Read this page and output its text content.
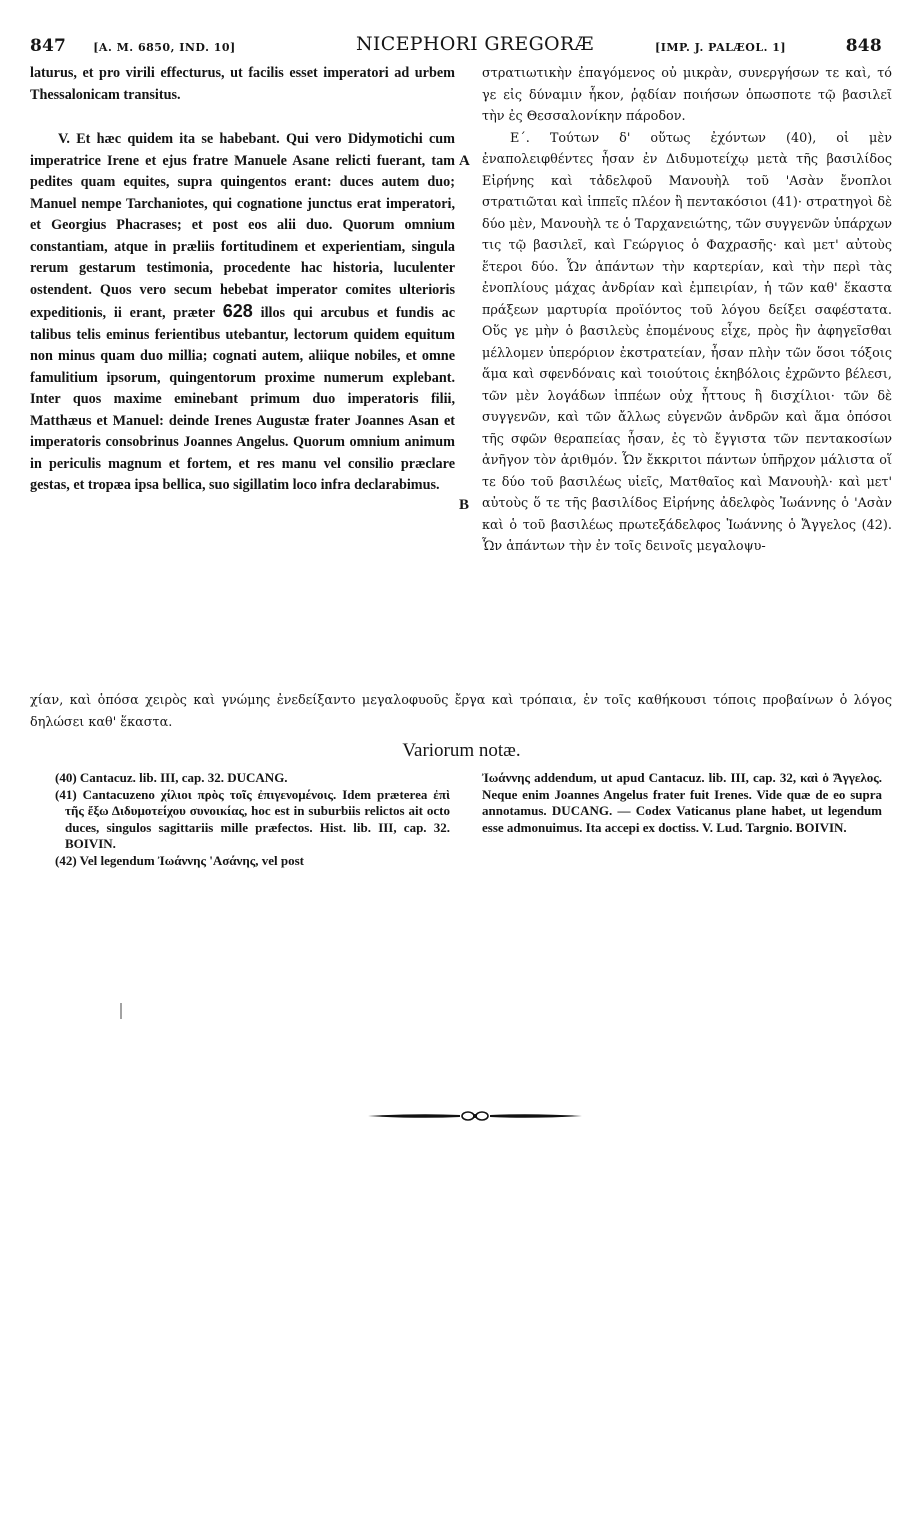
847 [A. M. 6850, IND. 10]	NICEPHORI GREGORÆ	[IMP. J. PALÆOL. 1]	848

laturus, et pro virili effecturus, ut facilis esset imperatori ad urbem Thessalonicam transitus.

V. Et hæc quidem ita se habebant. Qui vero Didymotichi cum imperatrice Irene et ejus fratre Manuele Asane relicti fuerant, tam pedites quam equites, supra quingentos erant: duces autem duo; Manuel nempe Tarchaniotes, qui cognatione junctus erat imperatori, et Georgius Phacrases; et post eos alii duo. Quorum omnium constantiam, atque in præliis fortitudinem et experientiam, singula rerum gestarum testimonia, procedente hac historia, luculenter ostendent. Quos vero secum hebebat imperator comites ulterioris expeditionis, ii erant, præter 628 illos qui arcubus et fundis ac talibus telis eminus ferientibus utebantur, lectorum quidem equitum non minus quam duo millia; cognati autem, aliique nobiles, et omne famulitium ipsorum, quingentorum proxime numerum explebant. Inter quos maxime eminebant primum duo imperatoris filii, Matthæus et Manuel: deinde Irenes Augustæ frater Joannes Asan et imperatoris consobrinus Joannes Angelus. Quorum omnium animum in periculis magnum et fortem, et res manu vel consilio præclare gestas, et tropæa ipsa bellica, suo sigillatim loco infra declarabimus.

A
B

στρατιωτικὴν ἐπαγόμενος οὐ μικρὰν, συνεργήσων τε καὶ, τό γε εἰς δύναμιν ἧκον, ῥᾳδίαν ποιήσων ὁπωσποτε τῷ βασιλεῖ τὴν ἐς Θεσσαλονίκην πάροδον.

Ε΄. Τούτων δ' οὕτως ἐχόντων (40), οἱ μὲν ἐναπολειφθέντες ἦσαν ἐν Διδυμοτείχῳ μετὰ τῆς βασιλίδος Εἰρήνης καὶ τἀδελφοῦ Μανουὴλ τοῦ 'Ασὰν ἔνοπλοι στρατιῶται καὶ ἱππεῖς πλέον ἢ πεντακόσιοι (41)· στρατηγοὶ δὲ δύο μὲν, Μανουὴλ τε ὁ Ταρχανειώτης, τῶν συγγενῶν ὑπάρχων τις τῷ βασιλεῖ, καὶ Γεώργιος ὁ Φαχρασῆς· καὶ μετ' αὐτοὺς ἕτεροι δύο. Ὧν ἁπάντων τὴν καρτερίαν, καὶ τὴν περὶ τὰς ἐνοπλίους μάχας ἀνδρίαν καὶ ἐμπειρίαν, ἡ τῶν καθ' ἕκαστα πράξεων μαρτυρία προϊόντος τοῦ λόγου δείξει σαφέστατα. Οὕς γε μὴν ὁ βασιλεὺς ἐπομένους εἶχε, πρὸς ἣν ἀφηγεῖσθαι μέλλομεν ὑπερόριον ἐκστρατείαν, ἦσαν πλὴν τῶν ὅσοι τόξοις ἅμα καὶ σφενδόναις καὶ τοιούτοις ἑκηβόλοις ἐχρῶντο βέλεσι, τῶν μὲν λογάδων ἱππέων οὐχ ἧττους ἢ δισχίλιοι· τῶν δὲ συγγενῶν, καὶ τῶν ἄλλως εὐγενῶν ἀνδρῶν καὶ ἅμα ὁπόσοι τῆς σφῶν θεραπείας ἦσαν, ἐς τὸ ἔγγιστα τῶν πεντακοσίων ἀνῆγον τὸν ἀριθμόν. Ὧν ἔκκριτοι πάντων ὑπῆρχον μάλιστα οἵ τε δύο τοῦ βασιλέως υἱεῖς, Ματθαῖος καὶ Μανουὴλ· καὶ μετ' αὐτοὺς ὅ τε τῆς βασιλίδος Εἰρήνης ἀδελφὸς Ἰωάννης ὁ 'Ασὰν καὶ ὁ τοῦ βασιλέως πρωτεξάδελφος Ἰωάννης ὁ Ἄγγελος (42). Ὧν ἁπάντων τὴν ἐν τοῖς δεινοῖς μεγαλοψυ-

χίαν, καὶ ὁπόσα χειρὸς καὶ γνώμης ἐνεδείξαντο μεγαλοφυοῦς ἔργα καὶ τρόπαια, ἐν τοῖς καθήκουσι τόποις προβαίνων ὁ λόγος δηλώσει καθ' ἕκαστα.
Variorum notæ.

(40) Cantacuz. lib. III, cap. 32. DUCANG.

(41) Cantacuzeno χίλιοι πρὸς τοῖς ἐπιγενομένοις. Idem præterea ἐπὶ τῆς ἔξω Διδυμοτείχου συνοικίας, hoc est in suburbiis relictos ait octo duces, singulos sagittariis mille præfectos. Hist. lib. III, cap. 32. BOIVIN.

(42) Vel legendum Ἰωάννης 'Ασάνης, vel post

Ἰωάννης addendum, ut apud Cantacuz. lib. III, cap. 32, καὶ ὁ Ἄγγελος. Neque enim Joannes Angelus frater fuit Irenes. Vide quæ de eo supra annotamus. DUCANG. — Codex Vaticanus plane habet, ut legendum esse admonuimus. Ita accepi ex doctiss. V. Lud. Targnio. BOIVIN.
